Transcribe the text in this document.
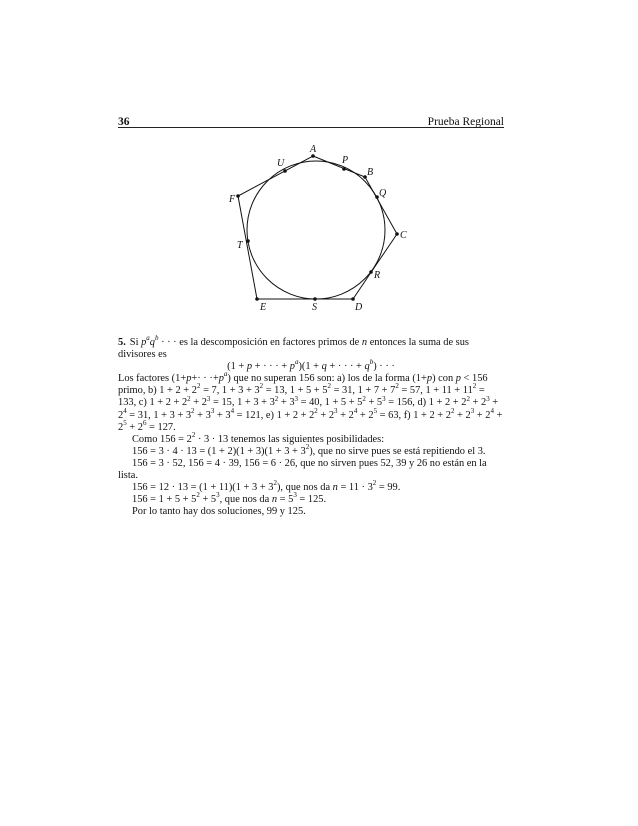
36	Prueba Regional
A
B
C
D
E
F
P
Q
R
S
T
U

5. Si $p^aq^b$ · · · es la descomposición en factores primos de n entonces la suma de sus divisores es

(1 + p + · · · + $p^a)(1 + q$ + · · · + $q^b$) · · ·

Los factores $(1+p+\cdot \cdot \cdot+p^a)$ que no superan 156 son: a) los de la forma (1+p) con p < 156 primo, b) $1 + 2 + 2^2 = 7$, $1 + 3 + 3^2 = 13$, $1 + 5 + 5^2 = 31$, $1 + 7 + 7^2 = 57$, $1 + 11 + 11^2 = 133$, c) $1 + 2 + 2^2 + 2^3 = 15$, $1 + 3 + 3^2 + 3^3 = 40$, $1 + 5 + 5^2 + 5^3 = 156$, d) $1 + 2 + 2^2 + 2^3 + 2^4 = 31$, $1 + 3 + 3^2 + 3^3 + 3^4 = 121$, e) $1 + 2 + 2^2 + 2^3 + 2^4 + 2^5 = 63$, f) $1 + 2 + 2^2 + 2^3 + 2^4 + 2^5 + 2^6 = 127$.

Como $156 = 2^2 \cdot 3 \cdot 13$ tenemos las siguientes posibilidades:

$156 = 3 \cdot 4 \cdot 13 = (1 + 2)(1 + 3)(1 + 3 + 3^2)$, que no sirve pues se está repitiendo el 3.

156 = 3 · 52, 156 = 4 · 39, 156 = 6 · 26, que no sirven pues 52, 39 y 26 no están en la lista.

$156 = 12 \cdot 13 = (1 + 11)(1 + 3 + 3^2)$, que nos da $n = 11 \cdot 3^2 = 99$.

$156 = 1 + 5 + 5^2 + 5^3$, que nos da $n = 5^3 = 125$.

Por lo tanto hay dos soluciones, 99 y 125.
